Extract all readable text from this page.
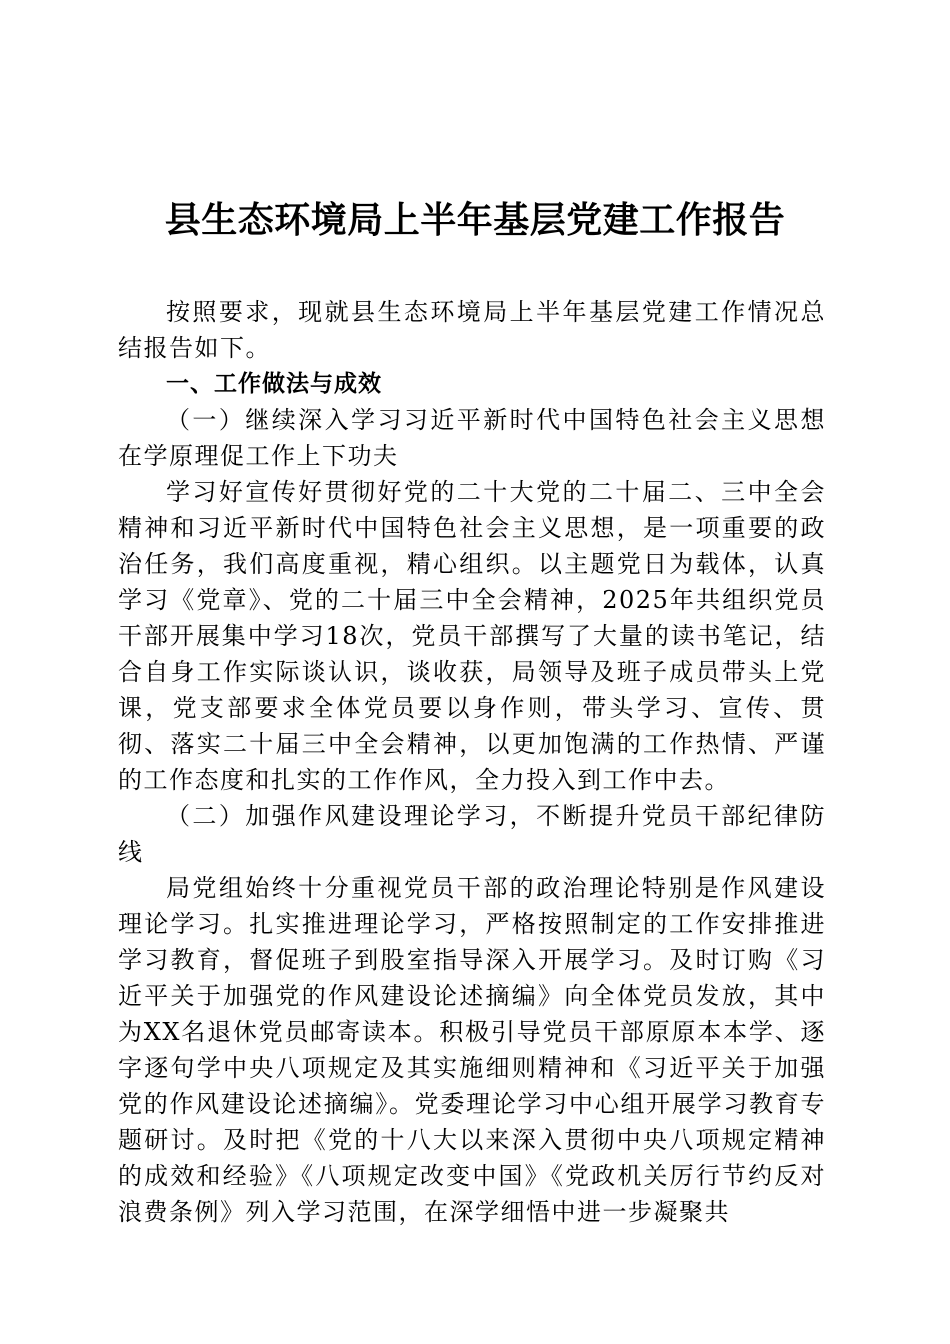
县生态环境局上半年基层党建工作报告

按照要求，现就县生态环境局上半年基层党建工作情况总结报告如下。

一、工作做法与成效

（一）继续深入学习习近平新时代中国特色社会主义思想在学原理促工作上下功夫

学习好宣传好贯彻好党的二十大党的二十届二、三中全会精神和习近平新时代中国特色社会主义思想，是一项重要的政治任务，我们高度重视，精心组织。以主题党日为载体，认真学习《党章》、党的二十届三中全会精神，2025年共组织党员干部开展集中学习18次，党员干部撰写了大量的读书笔记，结合自身工作实际谈认识，谈收获，局领导及班子成员带头上党课，党支部要求全体党员要以身作则，带头学习、宣传、贯彻、落实二十届三中全会精神，以更加饱满的工作热情、严谨的工作态度和扎实的工作作风，全力投入到工作中去。

（二）加强作风建设理论学习，不断提升党员干部纪律防线

局党组始终十分重视党员干部的政治理论特别是作风建设理论学习。扎实推进理论学习，严格按照制定的工作安排推进学习教育，督促班子到股室指导深入开展学习。及时订购《习近平关于加强党的作风建设论述摘编》向全体党员发放，其中为XX名退休党员邮寄读本。积极引导党员干部原原本本学、逐字逐句学中央八项规定及其实施细则精神和《习近平关于加强党的作风建设论述摘编》。党委理论学习中心组开展学习教育专题研讨。及时把《党的十八大以来深入贯彻中央八项规定精神的成效和经验》《八项规定改变中国》《党政机关厉行节约反对浪费条例》列入学习范围，在深学细悟中进一步凝聚共
